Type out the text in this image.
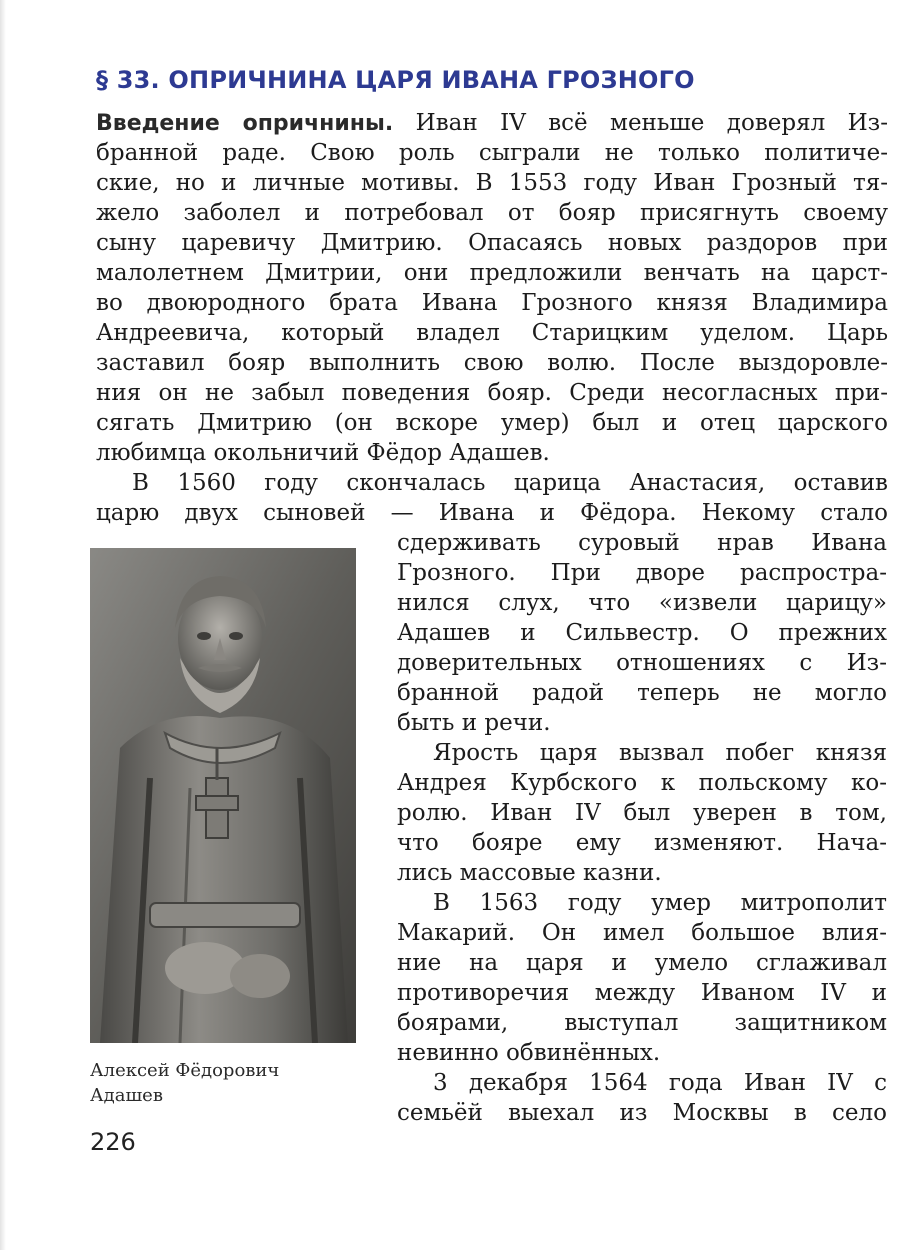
§ 33. ОПРИЧНИНА ЦАРЯ ИВАНА ГРОЗНОГО
Введение опричнины. Иван IV всё меньше доверял Из-
бранной раде. Свою роль сыграли не только политиче-
ские, но и личные мотивы. В 1553 году Иван Грозный тя-
жело заболел и потребовал от бояр присягнуть своему
сыну царевичу Дмитрию. Опасаясь новых раздоров при
малолетнем Дмитрии, они предложили венчать на царст-
во двоюродного брата Ивана Грозного князя Владимира
Андреевича, который владел Старицким уделом. Царь
заставил бояр выполнить свою волю. После выздоровле-
ния он не забыл поведения бояр. Среди несогласных при-
сягать Дмитрию (он вскоре умер) был и отец царского
любимца окольничий Фёдор Адашев.
В 1560 году скончалась царица Анастасия, оставив
царю двух сыновей — Ивана и Фёдора. Некому стало
сдерживать суровый нрав Ивана
Грозного. При дворе распростра-
нился слух, что «извели царицу»
Адашев и Сильвестр. О прежних
доверительных отношениях с Из-
бранной радой теперь не могло
быть и речи.
Ярость царя вызвал побег князя
Андрея Курбского к польскому ко-
ролю. Иван IV был уверен в том,
что бояре ему изменяют. Нача-
лись массовые казни.
В 1563 году умер митрополит
Макарий. Он имел большое влия-
ние на царя и умело сглаживал
противоречия между Иваном IV и
боярами, выступал защитником
невинно обвинённых.
3 декабря 1564 года Иван IV с
семьёй выехал из Москвы в село
Алексей Фёдорович
Адашев
226
